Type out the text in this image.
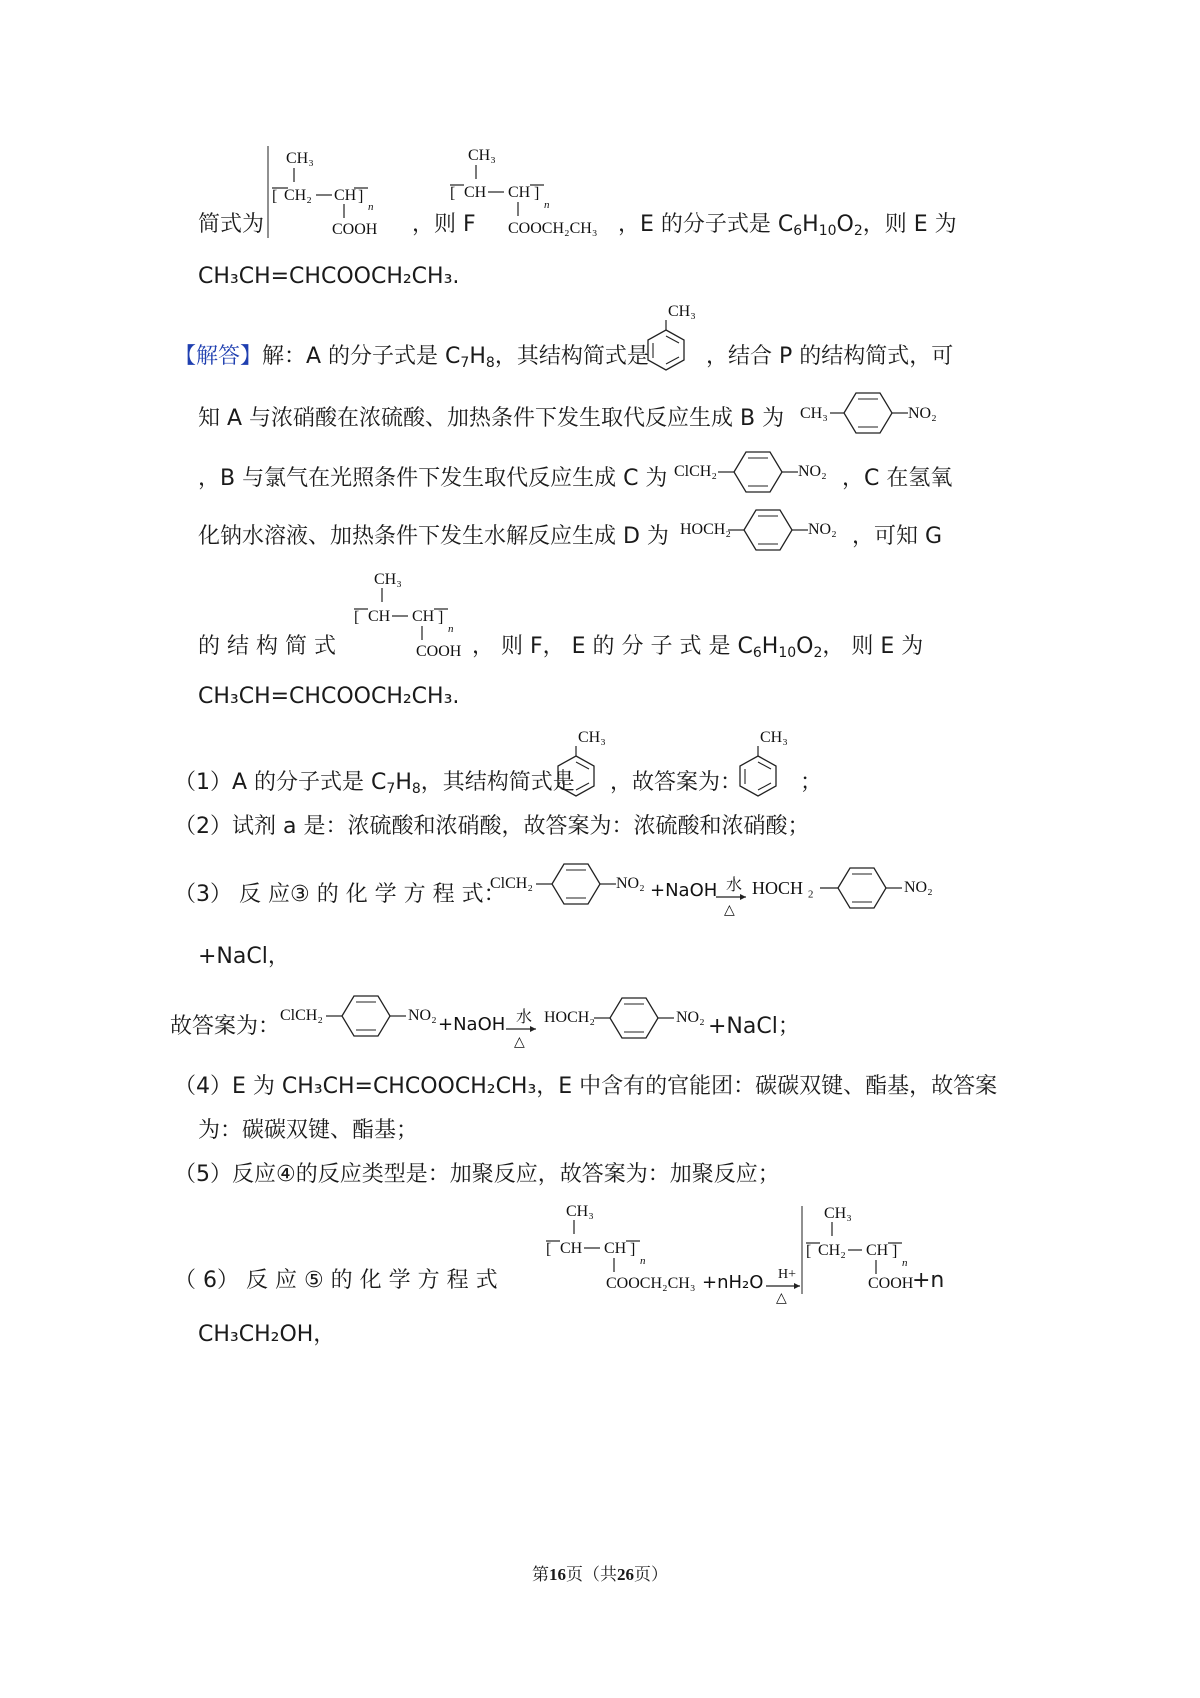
简式为
CH₃
[ CH₂ CH ]
n
COOH ，则 F
CH₃
[ CH CH ]
n
COOCH₂CH₃ ，E 的分子式是 $C_6H_{10}O_2$，则 E 为
CH₃CH=CHCOOCH₂CH₃.
【解答】解：A 的分子式是 $C_7H_8$，其结构简式是
CH₃
，结合 P 的结构简式，可
知 A 与浓硝酸在浓硫酸、加热条件下发生取代反应生成 B 为 CH₃	NO₂
，B 与氯气在光照条件下发生取代反应生成 C 为 ClCH₂	NO₂ ，C 在氢氧
化钠水溶液、加热条件下发生水解反应生成 D 为 HOCH₂	NO₂ ，可知 G
的 结 构 简 式
CH₃
[ CH CH ]
n
COOH ， 则 F， E 的 分 子 式 是 $C_6H_{10}O_2$， 则 E 为
CH₃CH=CHCOOCH₂CH₃.
（1）A 的分子式是 $C_7H_8$，其结构简式是
CH₃
，故答案为：
CH₃
；
（2）试剂 a 是：浓硫酸和浓硝酸，故答案为：浓硫酸和浓硝酸；
（3） 反 应③ 的 化 学 方 程 式：
ClCH₂	NO₂ +NaOH 水
△
HOCH ₂	NO₂
+NaCl，
故答案为： ClCH₂	NO₂ +NaOH 水
△
HOCH₂	NO₂ +NaCl；
（4）E 为 CH₃CH=CHCOOCH₂CH₃，E 中含有的官能团：碳碳双键、酯基，故答案
为：碳碳双键、酯基；
（5）反应④的反应类型是：加聚反应，故答案为：加聚反应；
（ 6） 反 应 ⑤ 的 化 学 方 程 式
CH₃
[ CH CH ]
n
COOCH₂CH₃ +nH₂O H+
△
CH₃
[ CH₂ CH ]
n
COOH
+n
CH₃CH₂OH，
第16页（共26页）
